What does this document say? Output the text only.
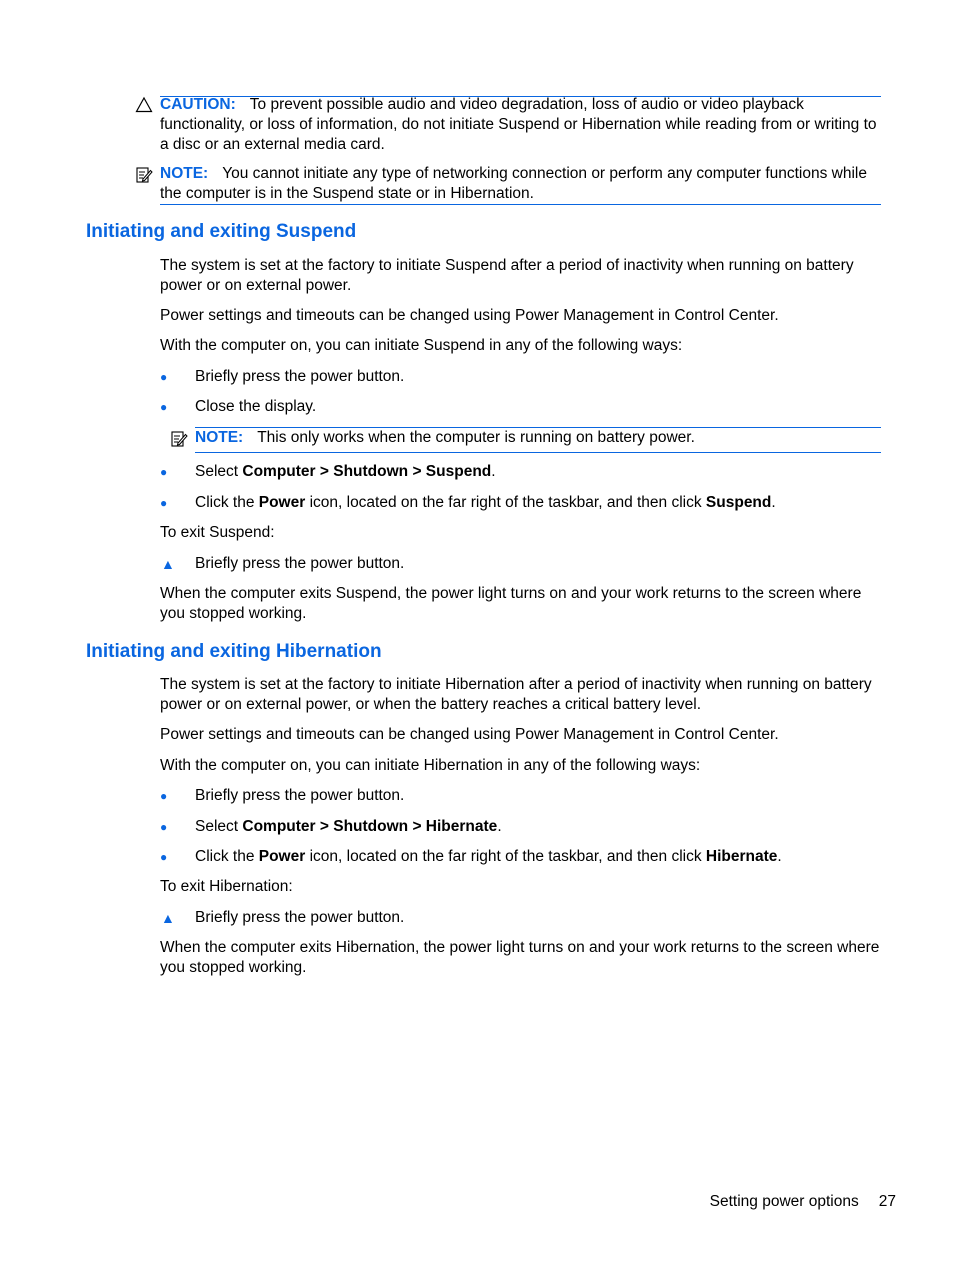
CAUTION: To prevent possible audio and video degradation, loss of audio or video playback functionality, or loss of information, do not initiate Suspend or Hibernation while reading from or writing to a disc or an external media card.
NOTE: You cannot initiate any type of networking connection or perform any computer functions while the computer is in the Suspend state or in Hibernation.
Initiating and exiting Suspend

The system is set at the factory to initiate Suspend after a period of inactivity when running on battery power or on external power.

Power settings and timeouts can be changed using Power Management in Control Center.

With the computer on, you can initiate Suspend in any of the following ways:

● Briefly press the power button.
● Close the display.
NOTE: This only works when the computer is running on battery power.
● Select Computer > Shutdown > Suspend.
● Click the Power icon, located on the far right of the taskbar, and then click Suspend.

To exit Suspend:

▲ Briefly press the power button.

When the computer exits Suspend, the power light turns on and your work returns to the screen where you stopped working.

Initiating and exiting Hibernation

The system is set at the factory to initiate Hibernation after a period of inactivity when running on battery power or on external power, or when the battery reaches a critical battery level.

Power settings and timeouts can be changed using Power Management in Control Center.

With the computer on, you can initiate Hibernation in any of the following ways:

● Briefly press the power button.
● Select Computer > Shutdown > Hibernate.
● Click the Power icon, located on the far right of the taskbar, and then click Hibernate.

To exit Hibernation:

▲ Briefly press the power button.

When the computer exits Hibernation, the power light turns on and your work returns to the screen where you stopped working.

Setting power options 27
